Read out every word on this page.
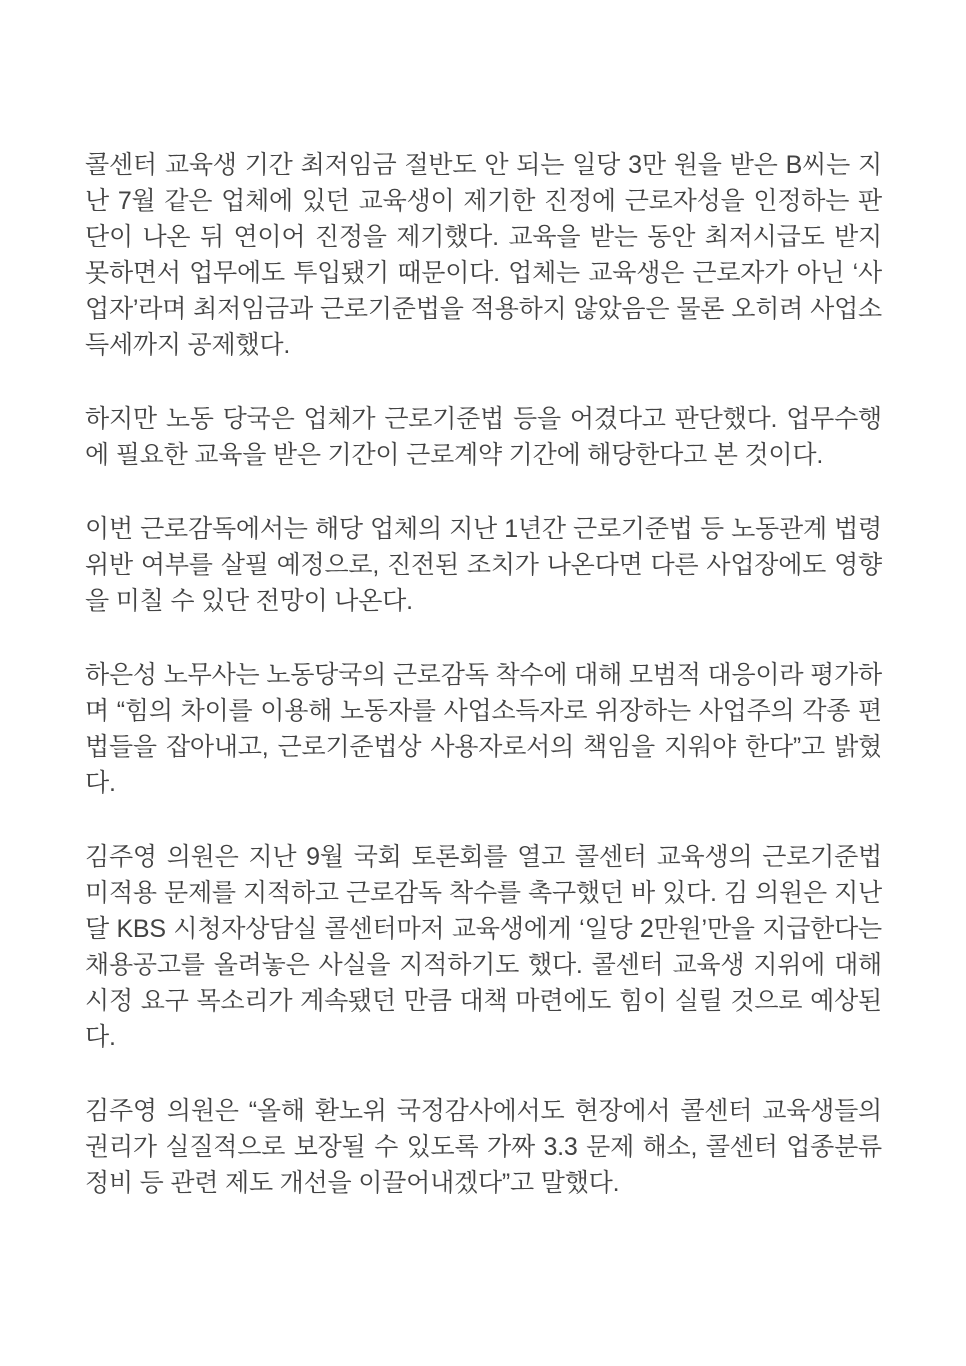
콜센터 교육생 기간 최저임금 절반도 안 되는 일당 3만 원을 받은 B씨는 지난 7월 같은 업체에 있던 교육생이 제기한 진정에 근로자성을 인정하는 판단이 나온 뒤 연이어 진정을 제기했다. 교육을 받는 동안 최저시급도 받지 못하면서 업무에도 투입됐기 때문이다. 업체는 교육생은 근로자가 아닌 ‘사업자’라며 최저임금과 근로기준법을 적용하지 않았음은 물론 오히려 사업소득세까지 공제했다.

하지만 노동 당국은 업체가 근로기준법 등을 어겼다고 판단했다. 업무수행에 필요한 교육을 받은 기간이 근로계약 기간에 해당한다고 본 것이다.

이번 근로감독에서는 해당 업체의 지난 1년간 근로기준법 등 노동관계 법령 위반 여부를 살필 예정으로, 진전된 조치가 나온다면 다른 사업장에도 영향을 미칠 수 있단 전망이 나온다.

하은성 노무사는 노동당국의 근로감독 착수에 대해 모범적 대응이라 평가하며 “힘의 차이를 이용해 노동자를 사업소득자로 위장하는 사업주의 각종 편법들을 잡아내고, 근로기준법상 사용자로서의 책임을 지워야 한다”고 밝혔다.

김주영 의원은 지난 9월 국회 토론회를 열고 콜센터 교육생의 근로기준법 미적용 문제를 지적하고 근로감독 착수를 촉구했던 바 있다. 김 의원은 지난달 KBS 시청자상담실 콜센터마저 교육생에게 ‘일당 2만원’만을 지급한다는 채용공고를 올려놓은 사실을 지적하기도 했다. 콜센터 교육생 지위에 대해 시정 요구 목소리가 계속됐던 만큼 대책 마련에도 힘이 실릴 것으로 예상된다.

김주영 의원은 “올해 환노위 국정감사에서도 현장에서 콜센터 교육생들의 권리가 실질적으로 보장될 수 있도록 가짜 3.3 문제 해소, 콜센터 업종분류 정비 등 관련 제도 개선을 이끌어내겠다”고 말했다.
